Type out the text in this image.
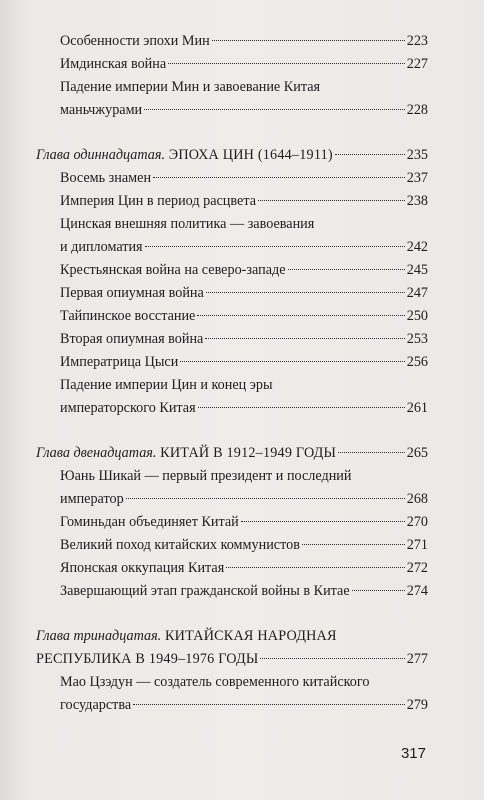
Особенности эпохи Мин	223
Имдинская война	227
Падение империи Мин и завоевание Китая
маньчжурами	228
Глава одиннадцатая. ЭПОХА ЦИН (1644–1911)	235
Восемь знамен	237
Империя Цин в период расцвета	238
Цинская внешняя политика — завоевания
и дипломатия	242
Крестьянская война на северо-западе	245
Первая опиумная война	247
Тайпинское восстание	250
Вторая опиумная война	253
Императрица Цыси	256
Падение империи Цин и конец эры
императорского Китая	261
Глава двенадцатая. КИТАЙ В 1912–1949 ГОДЫ	265
Юань Шикай — первый президент и последний
император	268
Гоминьдан объединяет Китай	270
Великий поход китайских коммунистов	271
Японская оккупация Китая	272
Завершающий этап гражданской войны в Китае	274
Глава тринадцатая. КИТАЙСКАЯ НАРОДНАЯ
РЕСПУБЛИКА В 1949–1976 ГОДЫ	277
Мао Цзэдун — создатель современного китайского
государства	279
317
